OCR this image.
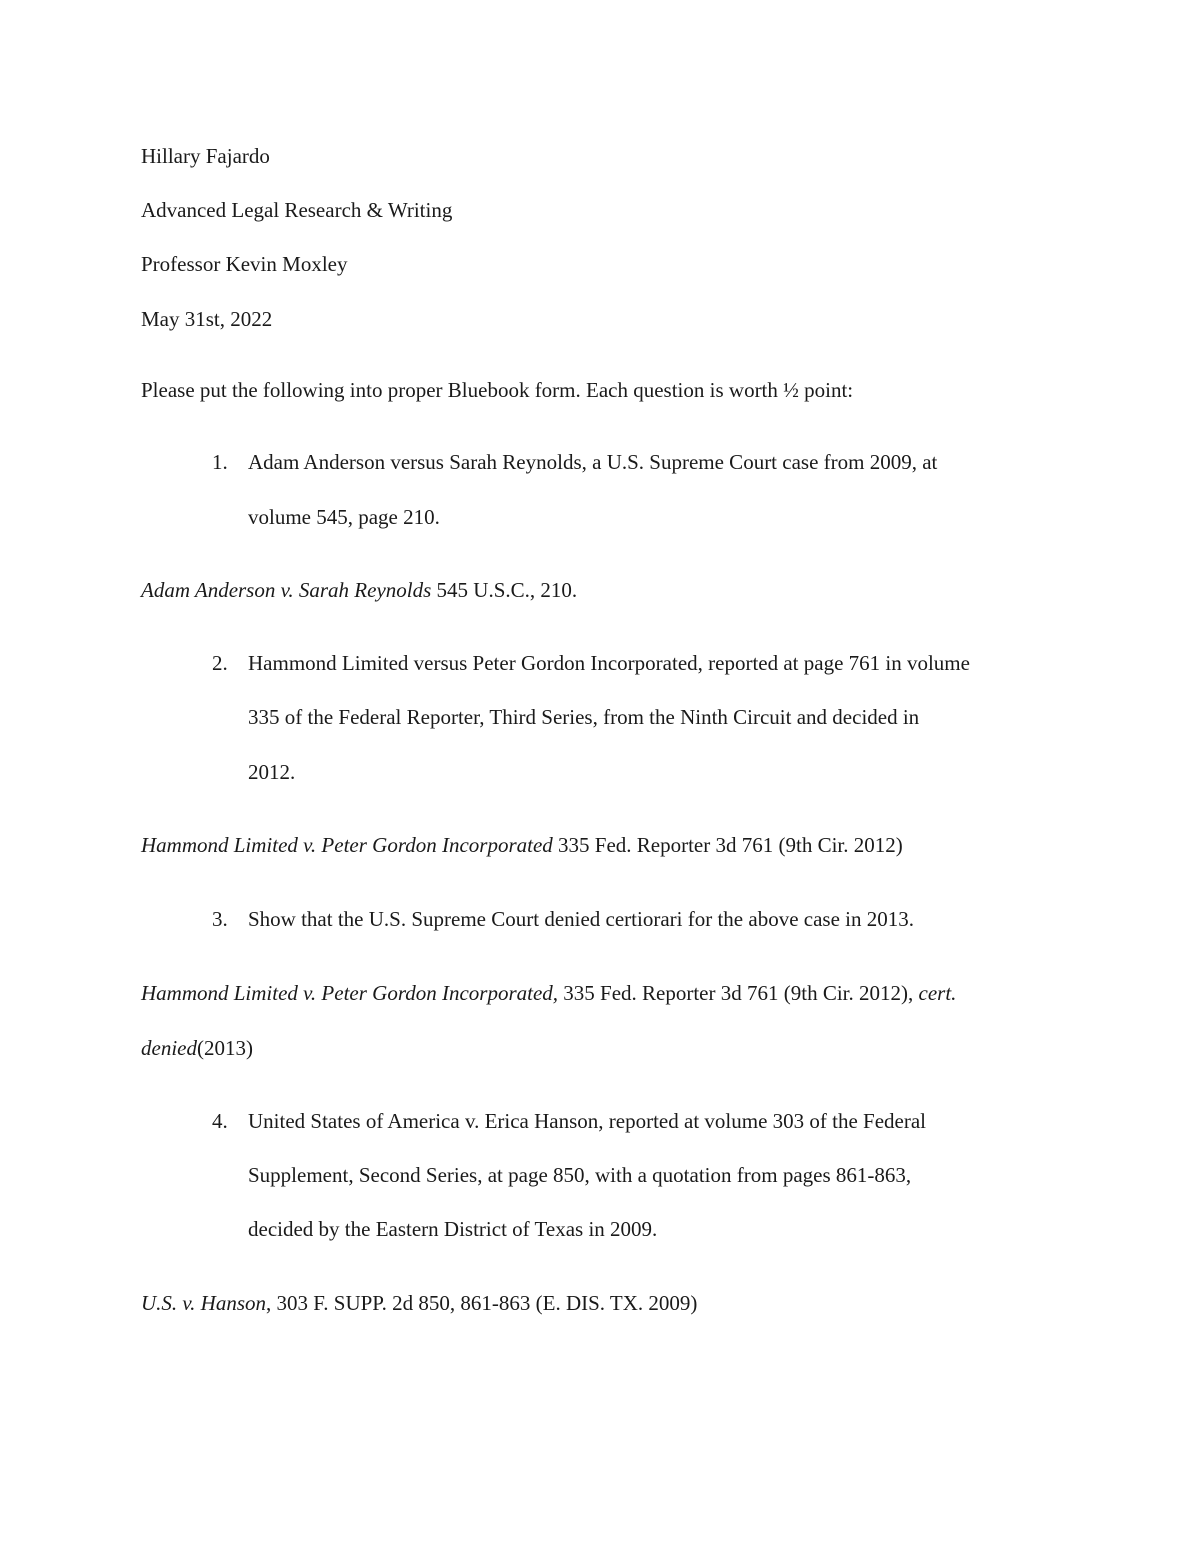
Hillary Fajardo
Advanced Legal Research & Writing
Professor Kevin Moxley
May 31st, 2022
Please put the following into proper Bluebook form. Each question is worth ½ point:
1. Adam Anderson versus Sarah Reynolds, a U.S. Supreme Court case from 2009, at
volume 545, page 210.
Adam Anderson v. Sarah Reynolds 545 U.S.C., 210.
2. Hammond Limited versus Peter Gordon Incorporated, reported at page 761 in volume
335 of the Federal Reporter, Third Series, from the Ninth Circuit and decided in
2012.
Hammond Limited v. Peter Gordon Incorporated 335 Fed. Reporter 3d 761 (9th Cir. 2012)
3. Show that the U.S. Supreme Court denied certiorari for the above case in 2013.
Hammond Limited v. Peter Gordon Incorporated, 335 Fed. Reporter 3d 761 (9th Cir. 2012), cert.
denied(2013)
4. United States of America v. Erica Hanson, reported at volume 303 of the Federal
Supplement, Second Series, at page 850, with a quotation from pages 861-863,
decided by the Eastern District of Texas in 2009.
U.S. v. Hanson, 303 F. SUPP. 2d 850, 861-863 (E. DIS. TX. 2009)
